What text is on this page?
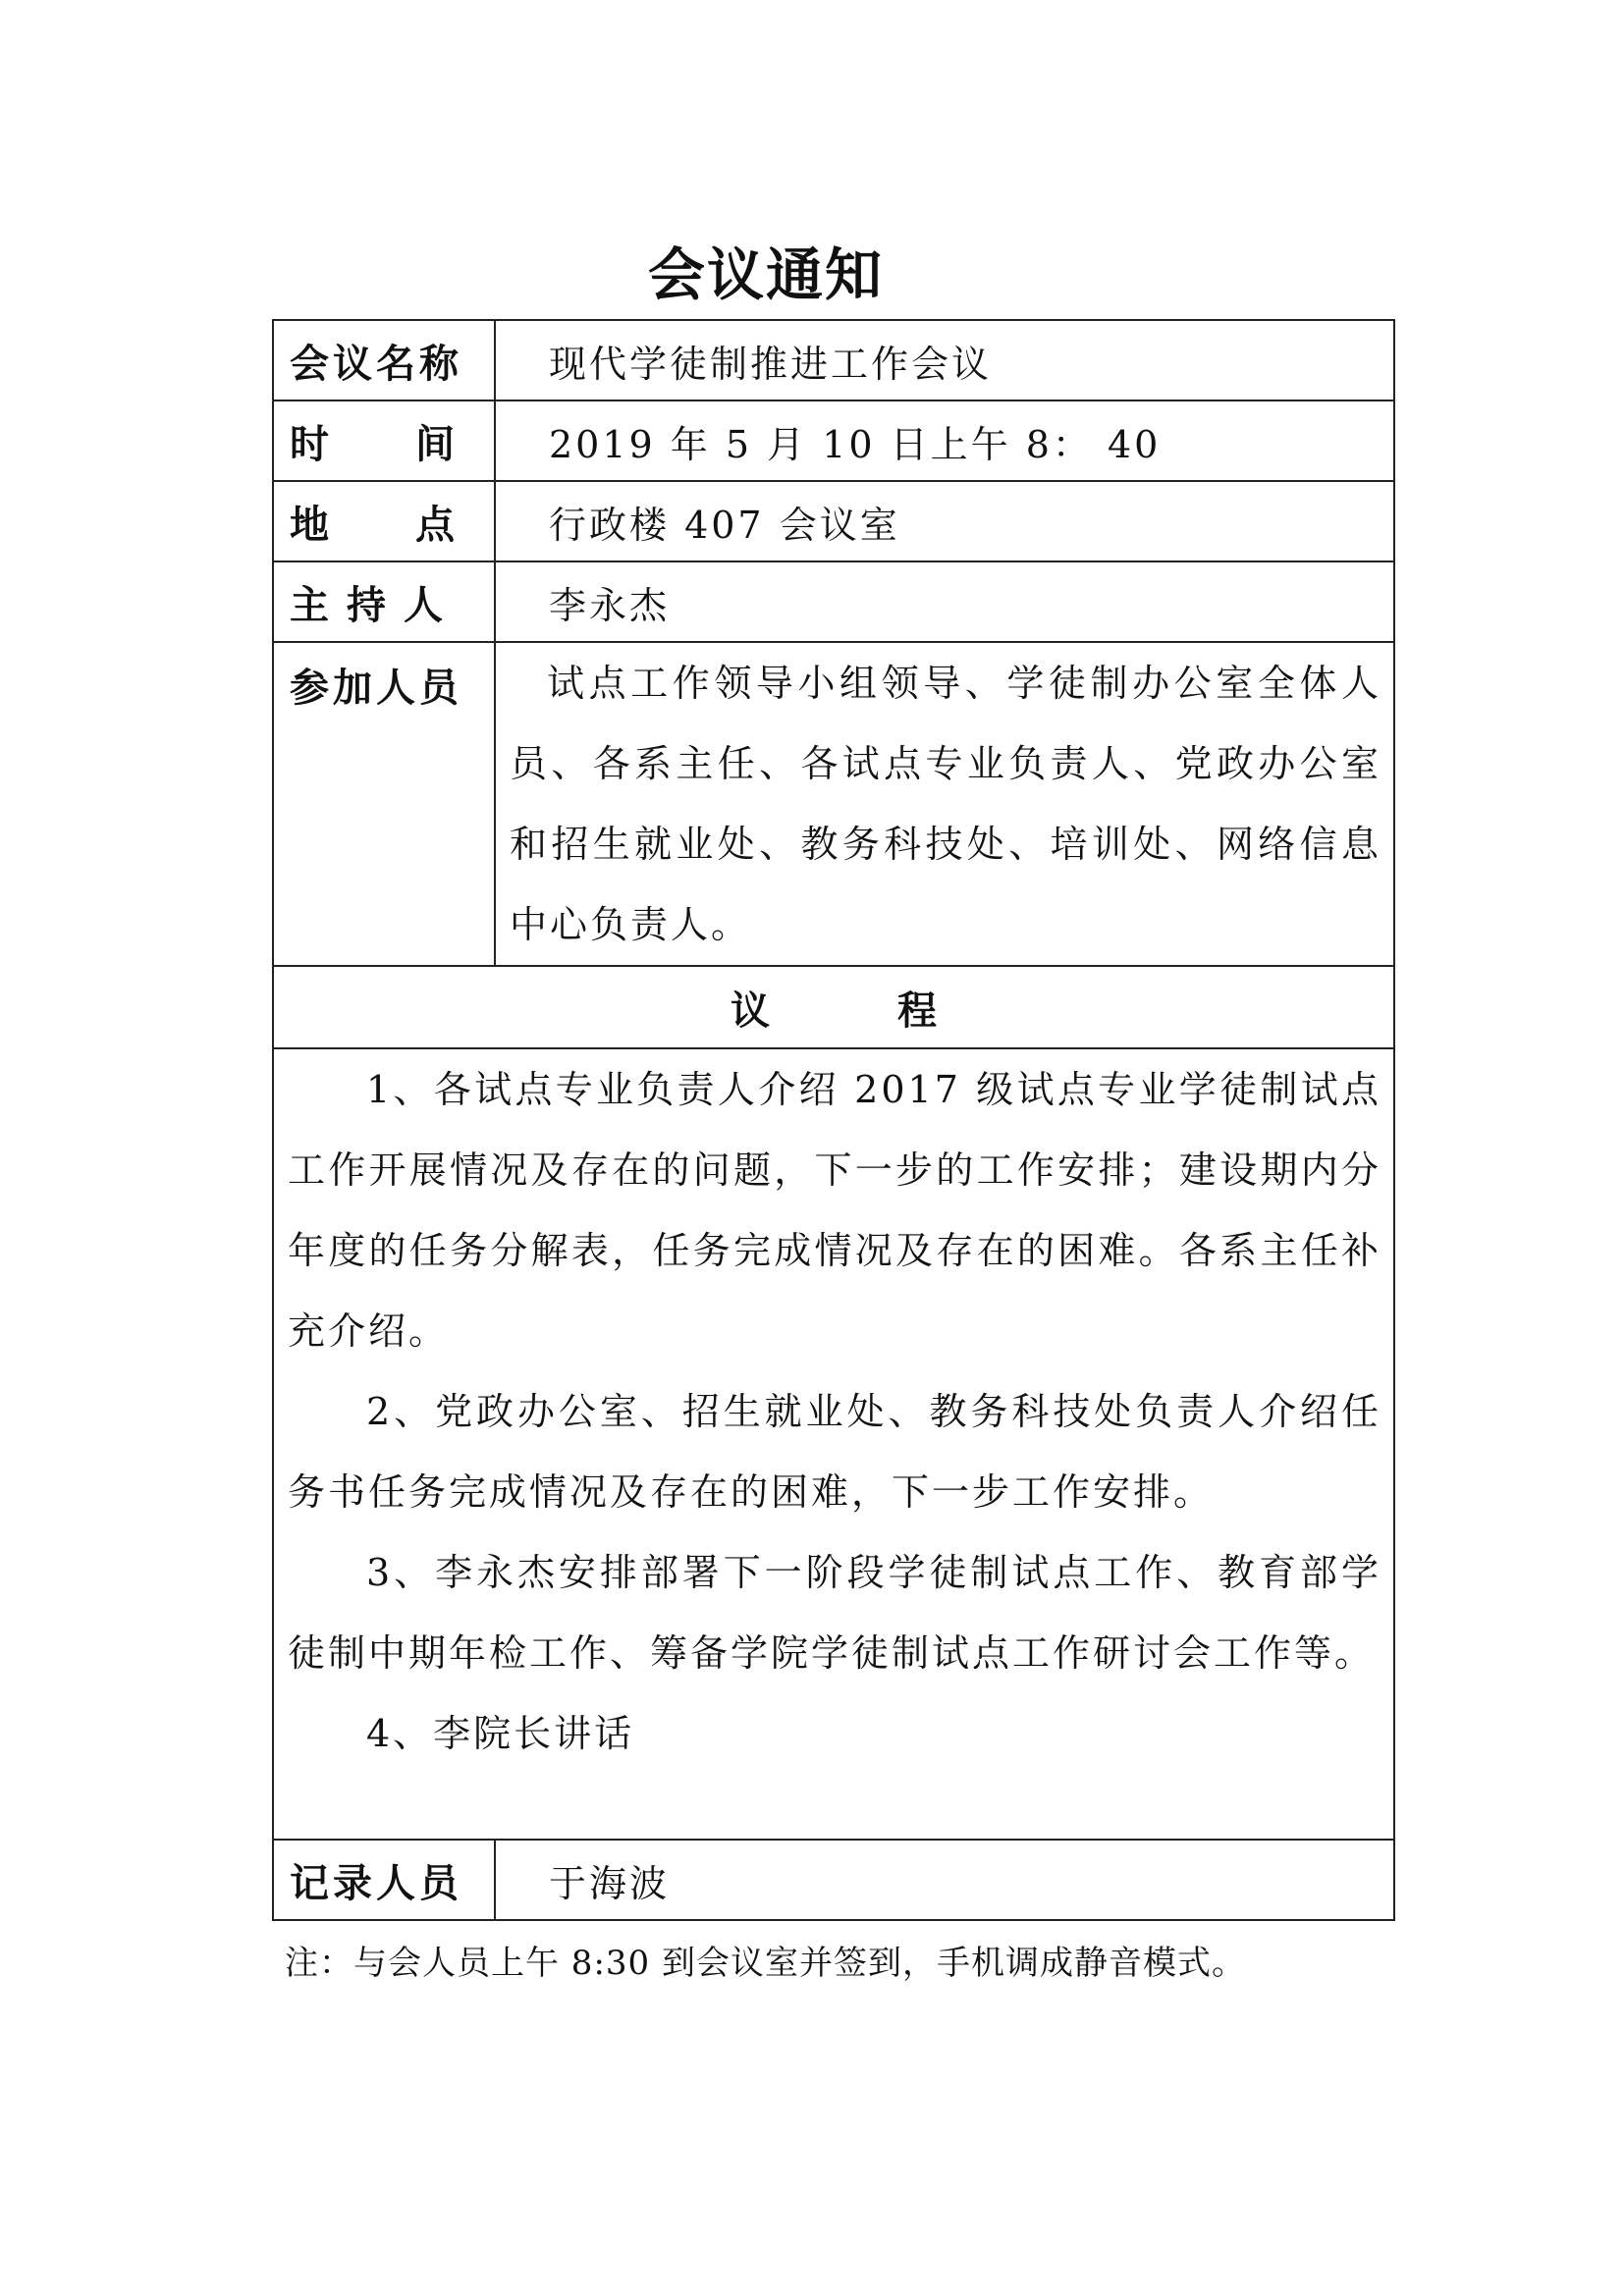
会议通知
会议名称	现代学徒制推进工作会议

时 间	2019 年 5 月 10 日上午 8： 40

地 点	行政楼 407 会议室

主 持 人	李永杰
参加人员	试点工作领导小组领导、学徒制办公室全体人员、各系主任、各试点专业负责人、党政办公室和招生就业处、教务科技处、培训处、网络信息中心负责人。

议 程	

1、各试点专业负责人介绍 2017 级试点专业学徒制试点工作开展情况及存在的问题，下一步的工作安排；建设期内分年度的任务分解表，任务完成情况及存在的困难。各系主任补充介绍。

2、党政办公室、招生就业处、教务科技处负责人介绍任务书任务完成情况及存在的困难，下一步工作安排。

3、李永杰安排部署下一阶段学徒制试点工作、教育部学徒制中期年检工作、筹备学院学徒制试点工作研讨会工作等。

4、李院长讲话	

记录人员	于海波
注：与会人员上午 8:30 到会议室并签到，手机调成静音模式。
